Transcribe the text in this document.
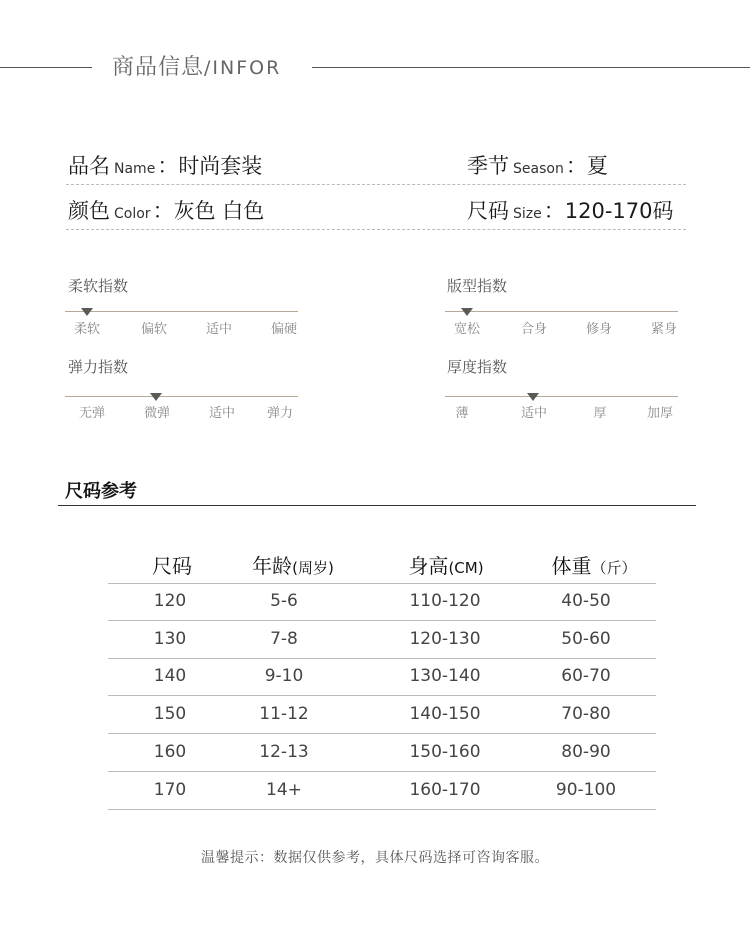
商品信息/INFOR
品名 Name：时尚套装	季节 Season：夏
颜色 Color：灰色 白色	尺码 Size：120-170码
柔软指数
柔软	偏软	适中	偏硬
版型指数
宽松	合身	修身	紧身
弹力指数
无弹	微弹	适中 弹力
厚度指数
薄	适中	厚	加厚
尺码参考
尺码	年龄(周岁)	身高(CM)	体重（斤）
120	5-6	110-120	40-50
130	7-8	120-130	50-60
140	9-10	130-140	60-70
150	11-12	140-150	70-80
160	12-13	150-160	80-90
170	14+	160-170	90-100
温馨提示：数据仅供参考，具体尺码选择可咨询客服。
